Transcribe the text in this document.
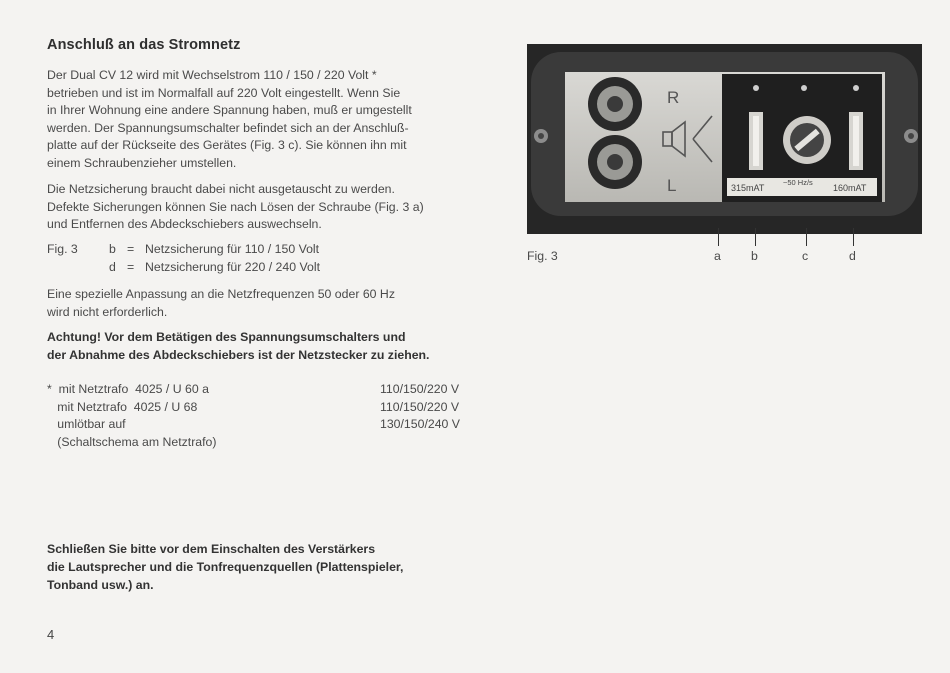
Anschluß an das Stromnetz
Der Dual CV 12 wird mit Wechselstrom 110 / 150 / 220 Volt *
betrieben und ist im Normalfall auf 220 Volt eingestellt. Wenn Sie
in Ihrer Wohnung eine andere Spannung haben, muß er umgestellt
werden. Der Spannungsumschalter befindet sich an der Anschluß-
platte auf der Rückseite des Gerätes (Fig. 3 c). Sie können ihn mit
einem Schraubenzieher umstellen.
Die Netzsicherung braucht dabei nicht ausgetauscht zu werden.
Defekte Sicherungen können Sie nach Lösen der Schraube (Fig. 3 a)
und Entfernen des Abdeckschiebers auswechseln.
Fig. 3	b = Netzsicherung für 110 / 150 Volt
d = Netzsicherung für 220 / 240 Volt
Eine spezielle Anpassung an die Netzfrequenzen 50 oder 60 Hz
wird nicht erforderlich.
Achtung! Vor dem Betätigen des Spannungsumschalters und
der Abnahme des Abdeckschiebers ist der Netzstecker zu ziehen.
*  mit Netztrafo  4025 / U 60 a	110/150/220 V
mit Netztrafo  4025 / U 68	110/150/220 V
umlötbar auf	130/150/240 V
(Schaltschema am Netztrafo)
Schließen Sie bitte vor dem Einschalten des Verstärkers
die Lautsprecher und die Tonfrequenzquellen (Plattenspieler,
Tonband usw.) an.
4
R
L	315mAT
~50 Hz/s
160mAT
Fig. 3	a b	c	d
